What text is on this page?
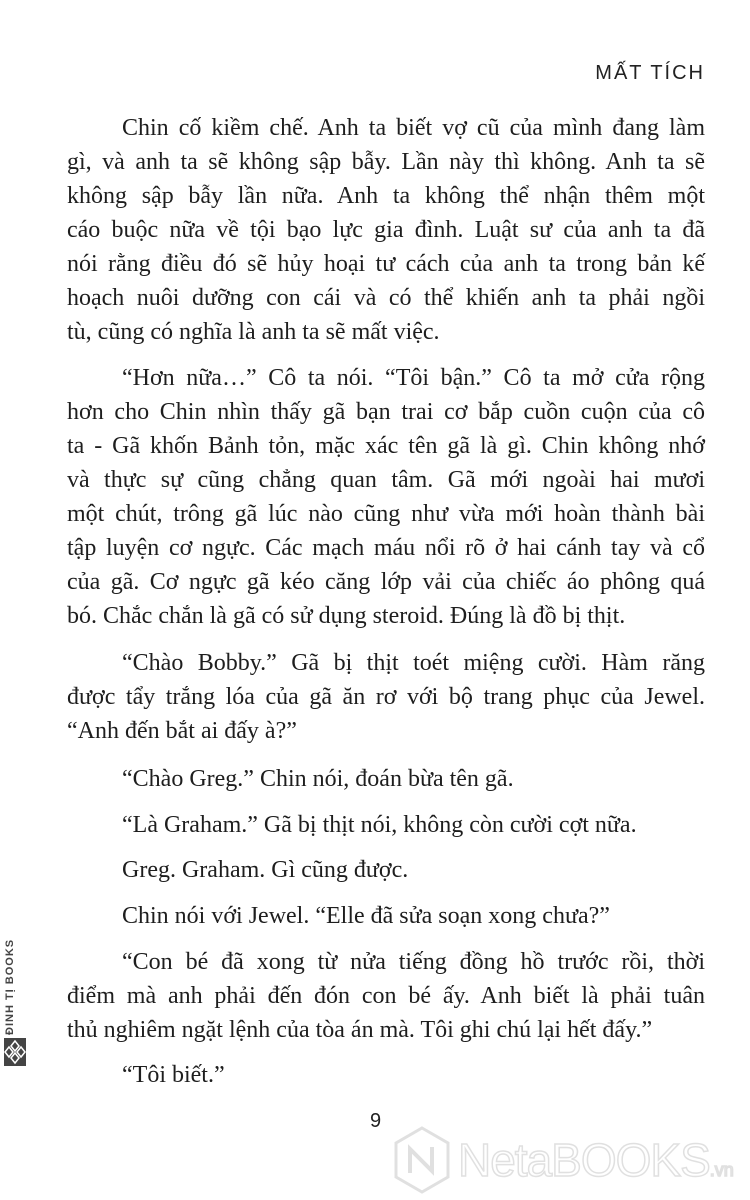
MẤT TÍCH
Chin cố kiềm chế. Anh ta biết vợ cũ của mình đang làm
gì, và anh ta sẽ không sập bẫy. Lần này thì không. Anh ta sẽ
không sập bẫy lần nữa. Anh ta không thể nhận thêm một
cáo buộc nữa về tội bạo lực gia đình. Luật sư của anh ta đã
nói rằng điều đó sẽ hủy hoại tư cách của anh ta trong bản kế
hoạch nuôi dưỡng con cái và có thể khiến anh ta phải ngồi
tù, cũng có nghĩa là anh ta sẽ mất việc.
“Hơn nữa…” Cô ta nói. “Tôi bận.” Cô ta mở cửa rộng
hơn cho Chin nhìn thấy gã bạn trai cơ bắp cuồn cuộn của cô
ta - Gã khốn Bảnh tỏn, mặc xác tên gã là gì. Chin không nhớ
và thực sự cũng chẳng quan tâm. Gã mới ngoài hai mươi
một chút, trông gã lúc nào cũng như vừa mới hoàn thành bài
tập luyện cơ ngực. Các mạch máu nổi rõ ở hai cánh tay và cổ
của gã. Cơ ngực gã kéo căng lớp vải của chiếc áo phông quá
bó. Chắc chắn là gã có sử dụng steroid. Đúng là đồ bị thịt.
“Chào Bobby.” Gã bị thịt toét miệng cười. Hàm răng
được tẩy trắng lóa của gã ăn rơ với bộ trang phục của Jewel.
“Anh đến bắt ai đấy à?”
“Chào Greg.” Chin nói, đoán bừa tên gã.
“Là Graham.” Gã bị thịt nói, không còn cười cợt nữa.
Greg. Graham. Gì cũng được.
Chin nói với Jewel. “Elle đã sửa soạn xong chưa?”
“Con bé đã xong từ nửa tiếng đồng hồ trước rồi, thời
điểm mà anh phải đến đón con bé ấy. Anh biết là phải tuân
thủ nghiêm ngặt lệnh của tòa án mà. Tôi ghi chú lại hết đấy.”
“Tôi biết.”
9
ĐINH TỊ BOOKS
NetaBOOKS.vn
